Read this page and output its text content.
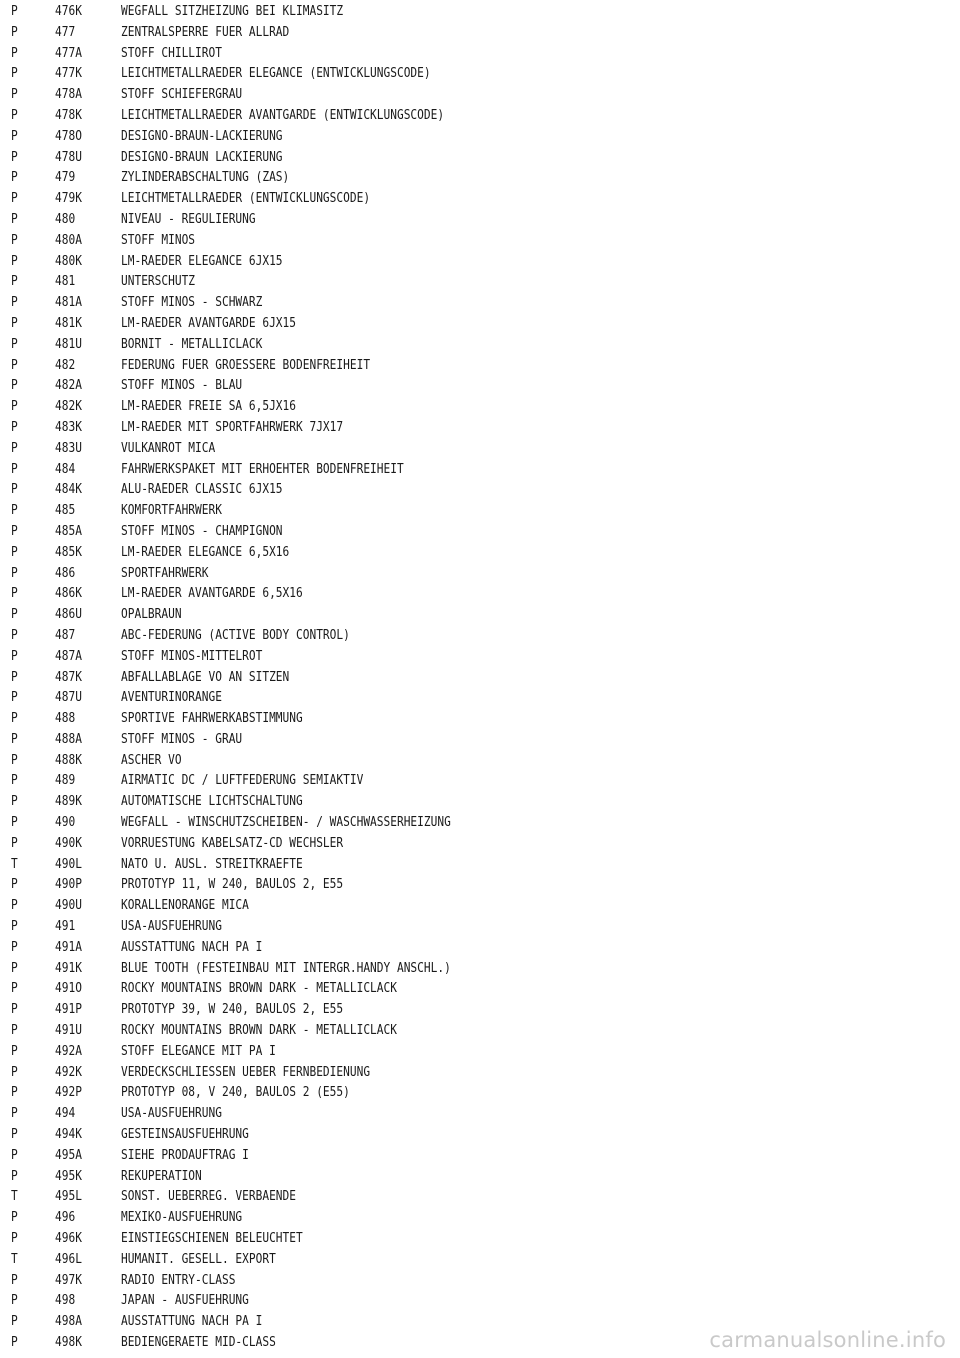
P	476K	WEGFALL SITZHEIZUNG BEI KLIMASITZ
P	477	ZENTRALSPERRE FUER ALLRAD
P	477A	STOFF CHILLIROT
P	477K	LEICHTMETALLRAEDER ELEGANCE (ENTWICKLUNGSCODE)
P	478A	STOFF SCHIEFERGRAU
P	478K	LEICHTMETALLRAEDER AVANTGARDE (ENTWICKLUNGSCODE)
P	478O	DESIGNO-BRAUN-LACKIERUNG
P	478U	DESIGNO-BRAUN LACKIERUNG
P	479	ZYLINDERABSCHALTUNG (ZAS)
P	479K	LEICHTMETALLRAEDER (ENTWICKLUNGSCODE)
P	480	NIVEAU - REGULIERUNG
P	480A	STOFF MINOS
P	480K	LM-RAEDER ELEGANCE 6JX15
P	481	UNTERSCHUTZ
P	481A	STOFF MINOS - SCHWARZ
P	481K	LM-RAEDER AVANTGARDE 6JX15
P	481U	BORNIT - METALLICLACK
P	482	FEDERUNG FUER GROESSERE BODENFREIHEIT
P	482A	STOFF MINOS - BLAU
P	482K	LM-RAEDER FREIE SA 6,5JX16
P	483K	LM-RAEDER MIT SPORTFAHRWERK 7JX17
P	483U	VULKANROT MICA
P	484	FAHRWERKSPAKET MIT ERHOEHTER BODENFREIHEIT
P	484K	ALU-RAEDER CLASSIC 6JX15
P	485	KOMFORTFAHRWERK
P	485A	STOFF MINOS - CHAMPIGNON
P	485K	LM-RAEDER ELEGANCE 6,5X16
P	486	SPORTFAHRWERK
P	486K	LM-RAEDER AVANTGARDE 6,5X16
P	486U	OPALBRAUN
P	487	ABC-FEDERUNG (ACTIVE BODY CONTROL)
P	487A	STOFF MINOS-MITTELROT
P	487K	ABFALLABLAGE VO AN SITZEN
P	487U	AVENTURINORANGE
P	488	SPORTIVE FAHRWERKABSTIMMUNG
P	488A	STOFF MINOS - GRAU
P	488K	ASCHER VO
P	489	AIRMATIC DC / LUFTFEDERUNG SEMIAKTIV
P	489K	AUTOMATISCHE LICHTSCHALTUNG
P	490	WEGFALL - WINSCHUTZSCHEIBEN- / WASCHWASSERHEIZUNG
P	490K	VORRUESTUNG KABELSATZ-CD WECHSLER
T	490L	NATO U. AUSL. STREITKRAEFTE
P	490P	PROTOTYP 11, W 240, BAULOS 2, E55
P	490U	KORALLENORANGE MICA
P	491	USA-AUSFUEHRUNG
P	491A	AUSSTATTUNG NACH PA I
P	491K	BLUE TOOTH (FESTEINBAU MIT INTERGR.HANDY ANSCHL.)
P	491O	ROCKY MOUNTAINS BROWN DARK - METALLICLACK
P	491P	PROTOTYP 39, W 240, BAULOS 2, E55
P	491U	ROCKY MOUNTAINS BROWN DARK - METALLICLACK
P	492A	STOFF ELEGANCE MIT PA I
P	492K	VERDECKSCHLIESSEN UEBER FERNBEDIENUNG
P	492P	PROTOTYP 08, V 240, BAULOS 2 (E55)
P	494	USA-AUSFUEHRUNG
P	494K	GESTEINSAUSFUEHRUNG
P	495A	SIEHE PRODAUFTRAG I
P	495K	REKUPERATION
T	495L	SONST. UEBERREG. VERBAENDE
P	496	MEXIKO-AUSFUEHRUNG
P	496K	EINSTIEGSCHIENEN BELEUCHTET
T	496L	HUMANIT. GESELL. EXPORT
P	497K	RADIO ENTRY-CLASS
P	498	JAPAN - AUSFUEHRUNG
P	498A	AUSSTATTUNG NACH PA I
P	498K	BEDIENGERAETE MID-CLASS	carmanualsonline.info
